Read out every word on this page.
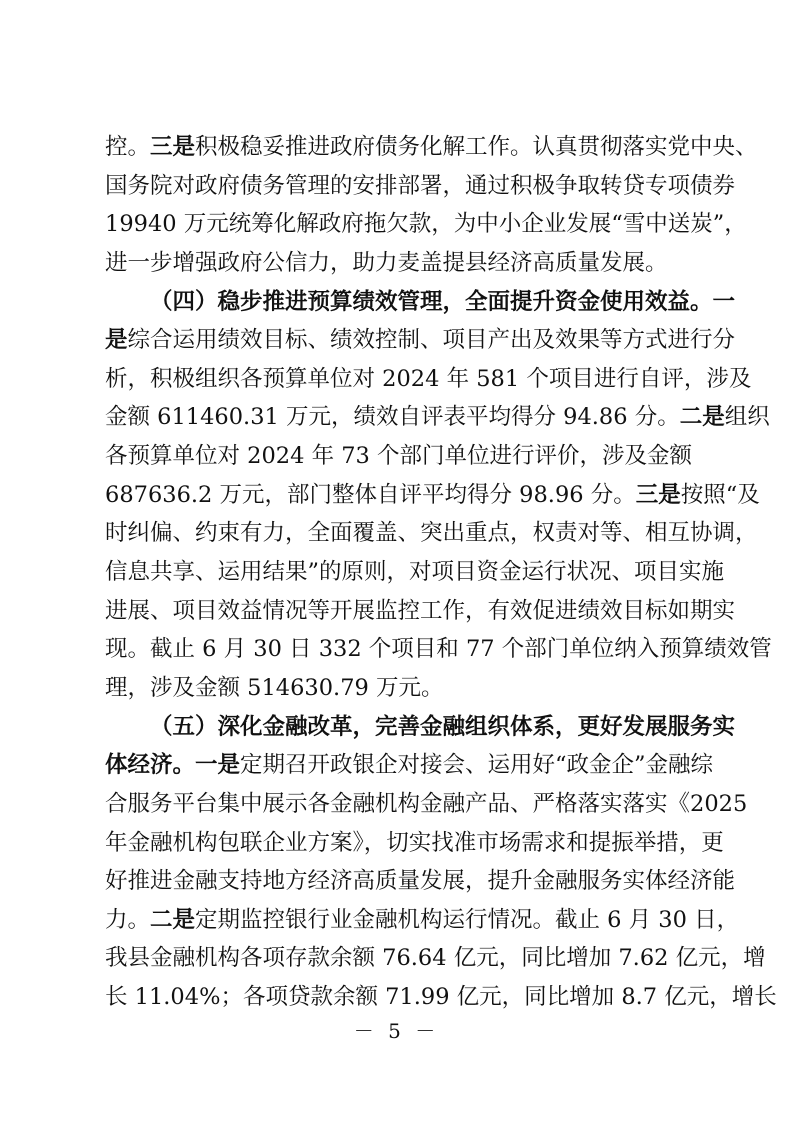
控。三是积极稳妥推进政府债务化解工作。认真贯彻落实党中央、
国务院对政府债务管理的安排部署，通过积极争取转贷专项债券
19940 万元统筹化解政府拖欠款，为中小企业发展“雪中送炭”，
进一步增强政府公信力，助力麦盖提县经济高质量发展。
（四）稳步推进预算绩效管理，全面提升资金使用效益。一
是综合运用绩效目标、绩效控制、项目产出及效果等方式进行分
析，积极组织各预算单位对 2024 年 581 个项目进行自评，涉及
金额 611460.31 万元，绩效自评表平均得分 94.86 分。二是组织
各预算单位对 2024 年 73 个部门单位进行评价，涉及金额
687636.2 万元，部门整体自评平均得分 98.96 分。三是按照“及
时纠偏、约束有力，全面覆盖、突出重点，权责对等、相互协调，
信息共享、运用结果”的原则，对项目资金运行状况、项目实施
进展、项目效益情况等开展监控工作，有效促进绩效目标如期实
现。截止 6 月 30 日 332 个项目和 77 个部门单位纳入预算绩效管
理，涉及金额 514630.79 万元。
（五）深化金融改革，完善金融组织体系，更好发展服务实
体经济。一是定期召开政银企对接会、运用好“政金企”金融综
合服务平台集中展示各金融机构金融产品、严格落实落实《2025
年金融机构包联企业方案》，切实找准市场需求和提振举措，更
好推进金融支持地方经济高质量发展，提升金融服务实体经济能
力。二是定期监控银行业金融机构运行情况。截止 6 月 30 日，
我县金融机构各项存款余额 76.64 亿元，同比增加 7.62 亿元，增
长 11.04%；各项贷款余额 71.99 亿元，同比增加 8.7 亿元，增长
－ 5 －
